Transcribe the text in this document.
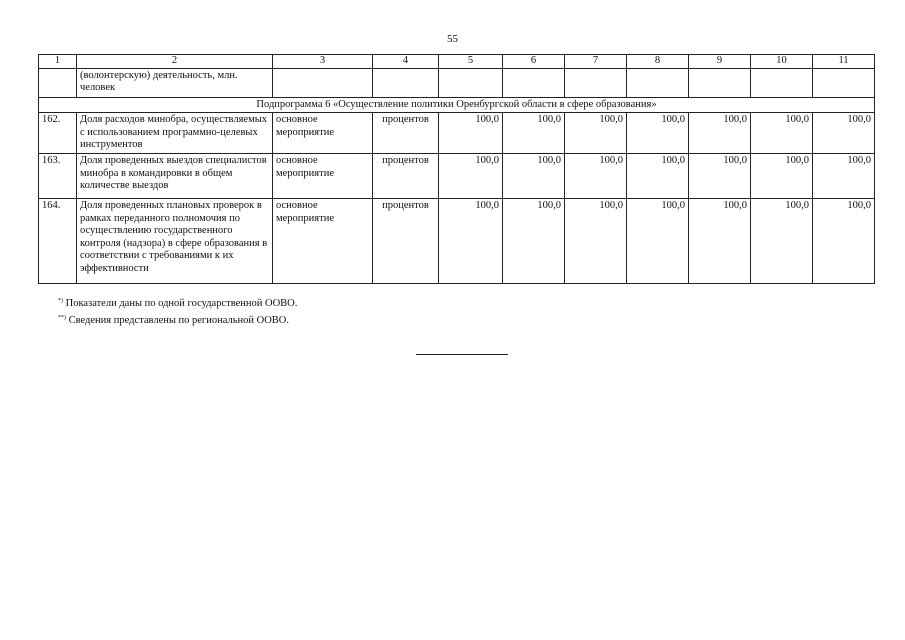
55
1	2	3	4	5	6	7	8	9	10	11
	(волонтерскую) деятельность, млн. человек									
Подпрограмма 6 «Осуществление политики Оренбургской области в сфере образования»										
162.	Доля расходов минобра, осуществляемых с использованием программно-целевых инструментов	основное мероприятие	процентов	100,0	100,0	100,0	100,0	100,0	100,0	100,0
163.	Доля проведенных выездов специалистов минобра в командировки в общем количестве выездов	основное мероприятие	процентов	100,0	100,0	100,0	100,0	100,0	100,0	100,0
164.	Доля проведенных плановых проверок в рамках переданного полномочия по осуществлению государственного контроля (надзора) в сфере образования в соответствии с требованиями к их эффективности	основное мероприятие	процентов	100,0	100,0	100,0	100,0	100,0	100,0	100,0
*) Показатели даны по одной государственной ООВО.
**) Сведения представлены по региональной ООВО.
